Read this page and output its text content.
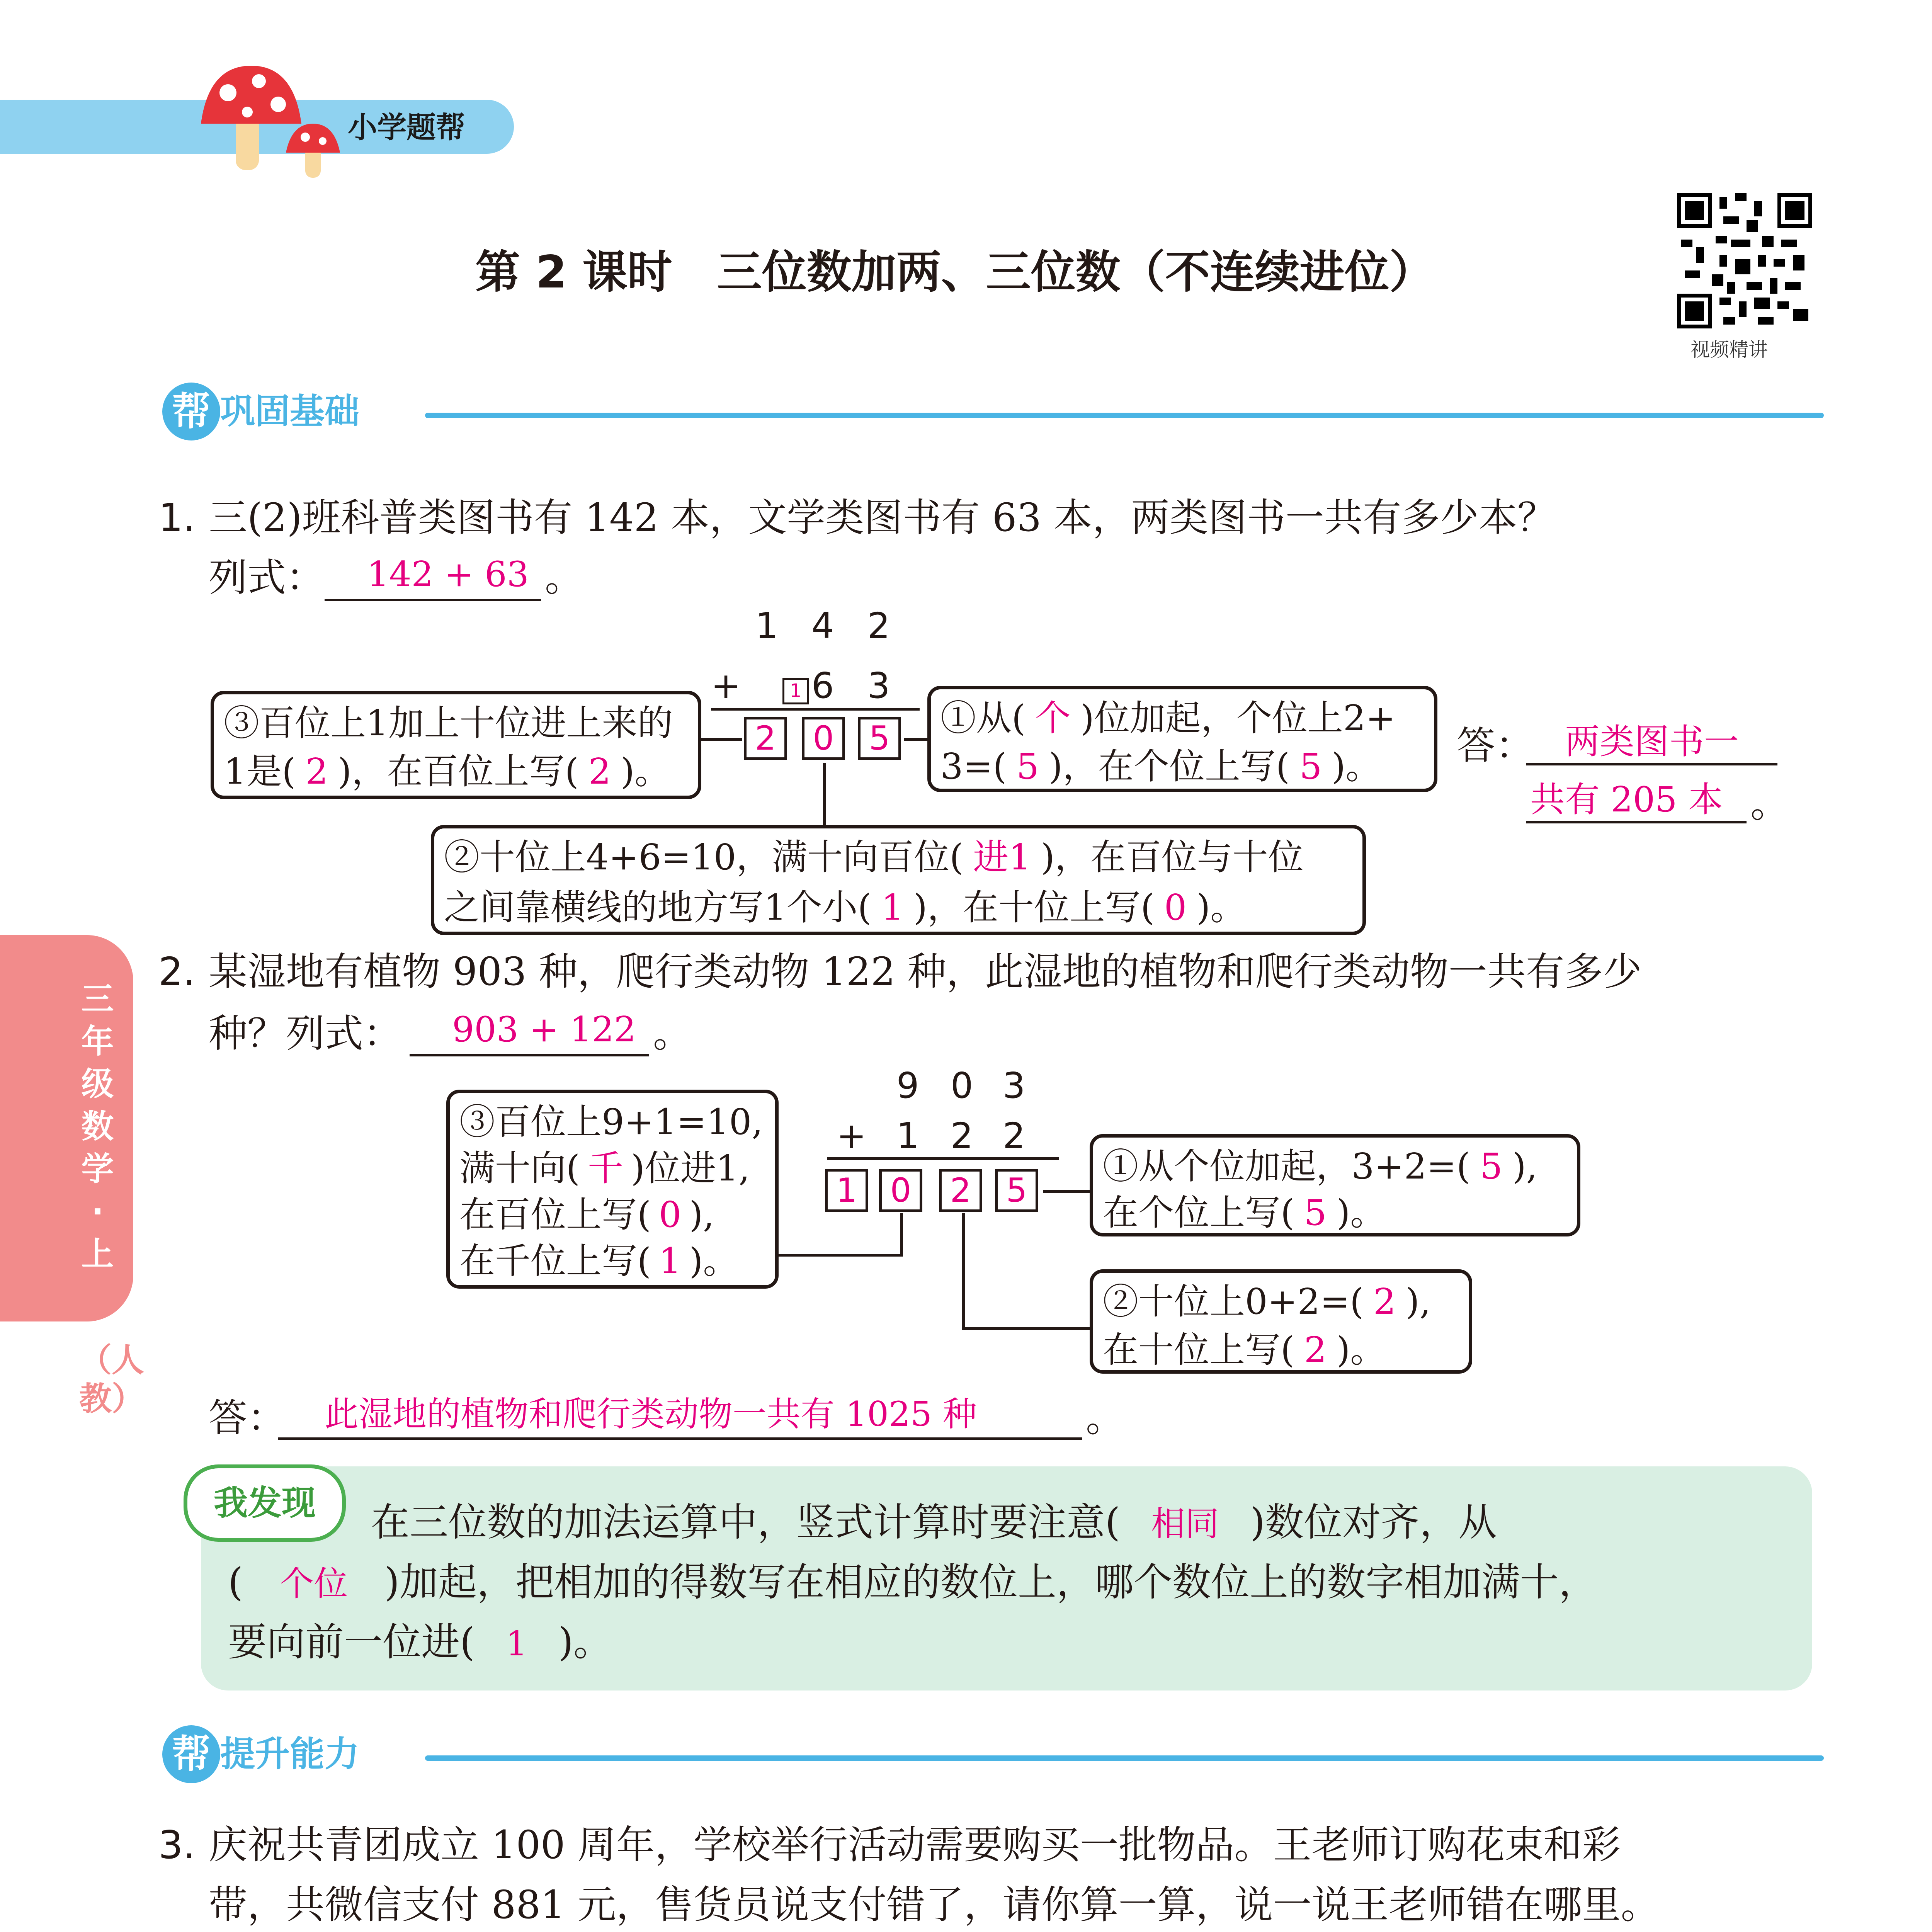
小学题帮
第 2 课时　三位数加两、三位数（不连续进位）
视频精讲
帮 巩固基础
1. 三(2)班科普类图书有 142 本，文学类图书有 63 本，两类图书一共有多少本？
列式： 142 + 63 。
1 4 2
+	1 6 3
2	0	5
③百位上1加上十位进上来的
1是( 2 )，在百位上写( 2 )。
①从( 个 )位加起，个位上2+
3=( 5 )，在个位上写( 5 )。 答： 两类图书一
共有 205 本 。
②十位上4+6=10，满十向百位( 进1 )，在百位与十位
之间靠横线的地方写1个小( 1 )，在十位上写( 0 )。
三年级数学·上
（人教）
2. 某湿地有植物 903 种，爬行类动物 122 种，此湿地的植物和爬行类动物一共有多少
种？列式： 903 + 122 。
9 0 3
+ 1 2 2
1 0	2	5
③百位上9+1=10,
满十向( 千 )位进1,
在百位上写( 0 ),
在千位上写( 1 )。
①从个位加起，3+2=( 5 ),
在个位上写( 5 )。
②十位上0+2=( 2 ),
在十位上写( 2 )。
答： 此湿地的植物和爬行类动物一共有 1025 种	。
我发现	在三位数的加法运算中，竖式计算时要注意( 相同 )数位对齐，从
( 个位 )加起，把相加的得数写在相应的数位上，哪个数位上的数字相加满十，
要向前一位进( 1 )。
帮 提升能力
3. 庆祝共青团成立 100 周年，学校举行活动需要购买一批物品。王老师订购花束和彩
带，共微信支付 881 元，售货员说支付错了，请你算一算，说一说王老师错在哪里。
